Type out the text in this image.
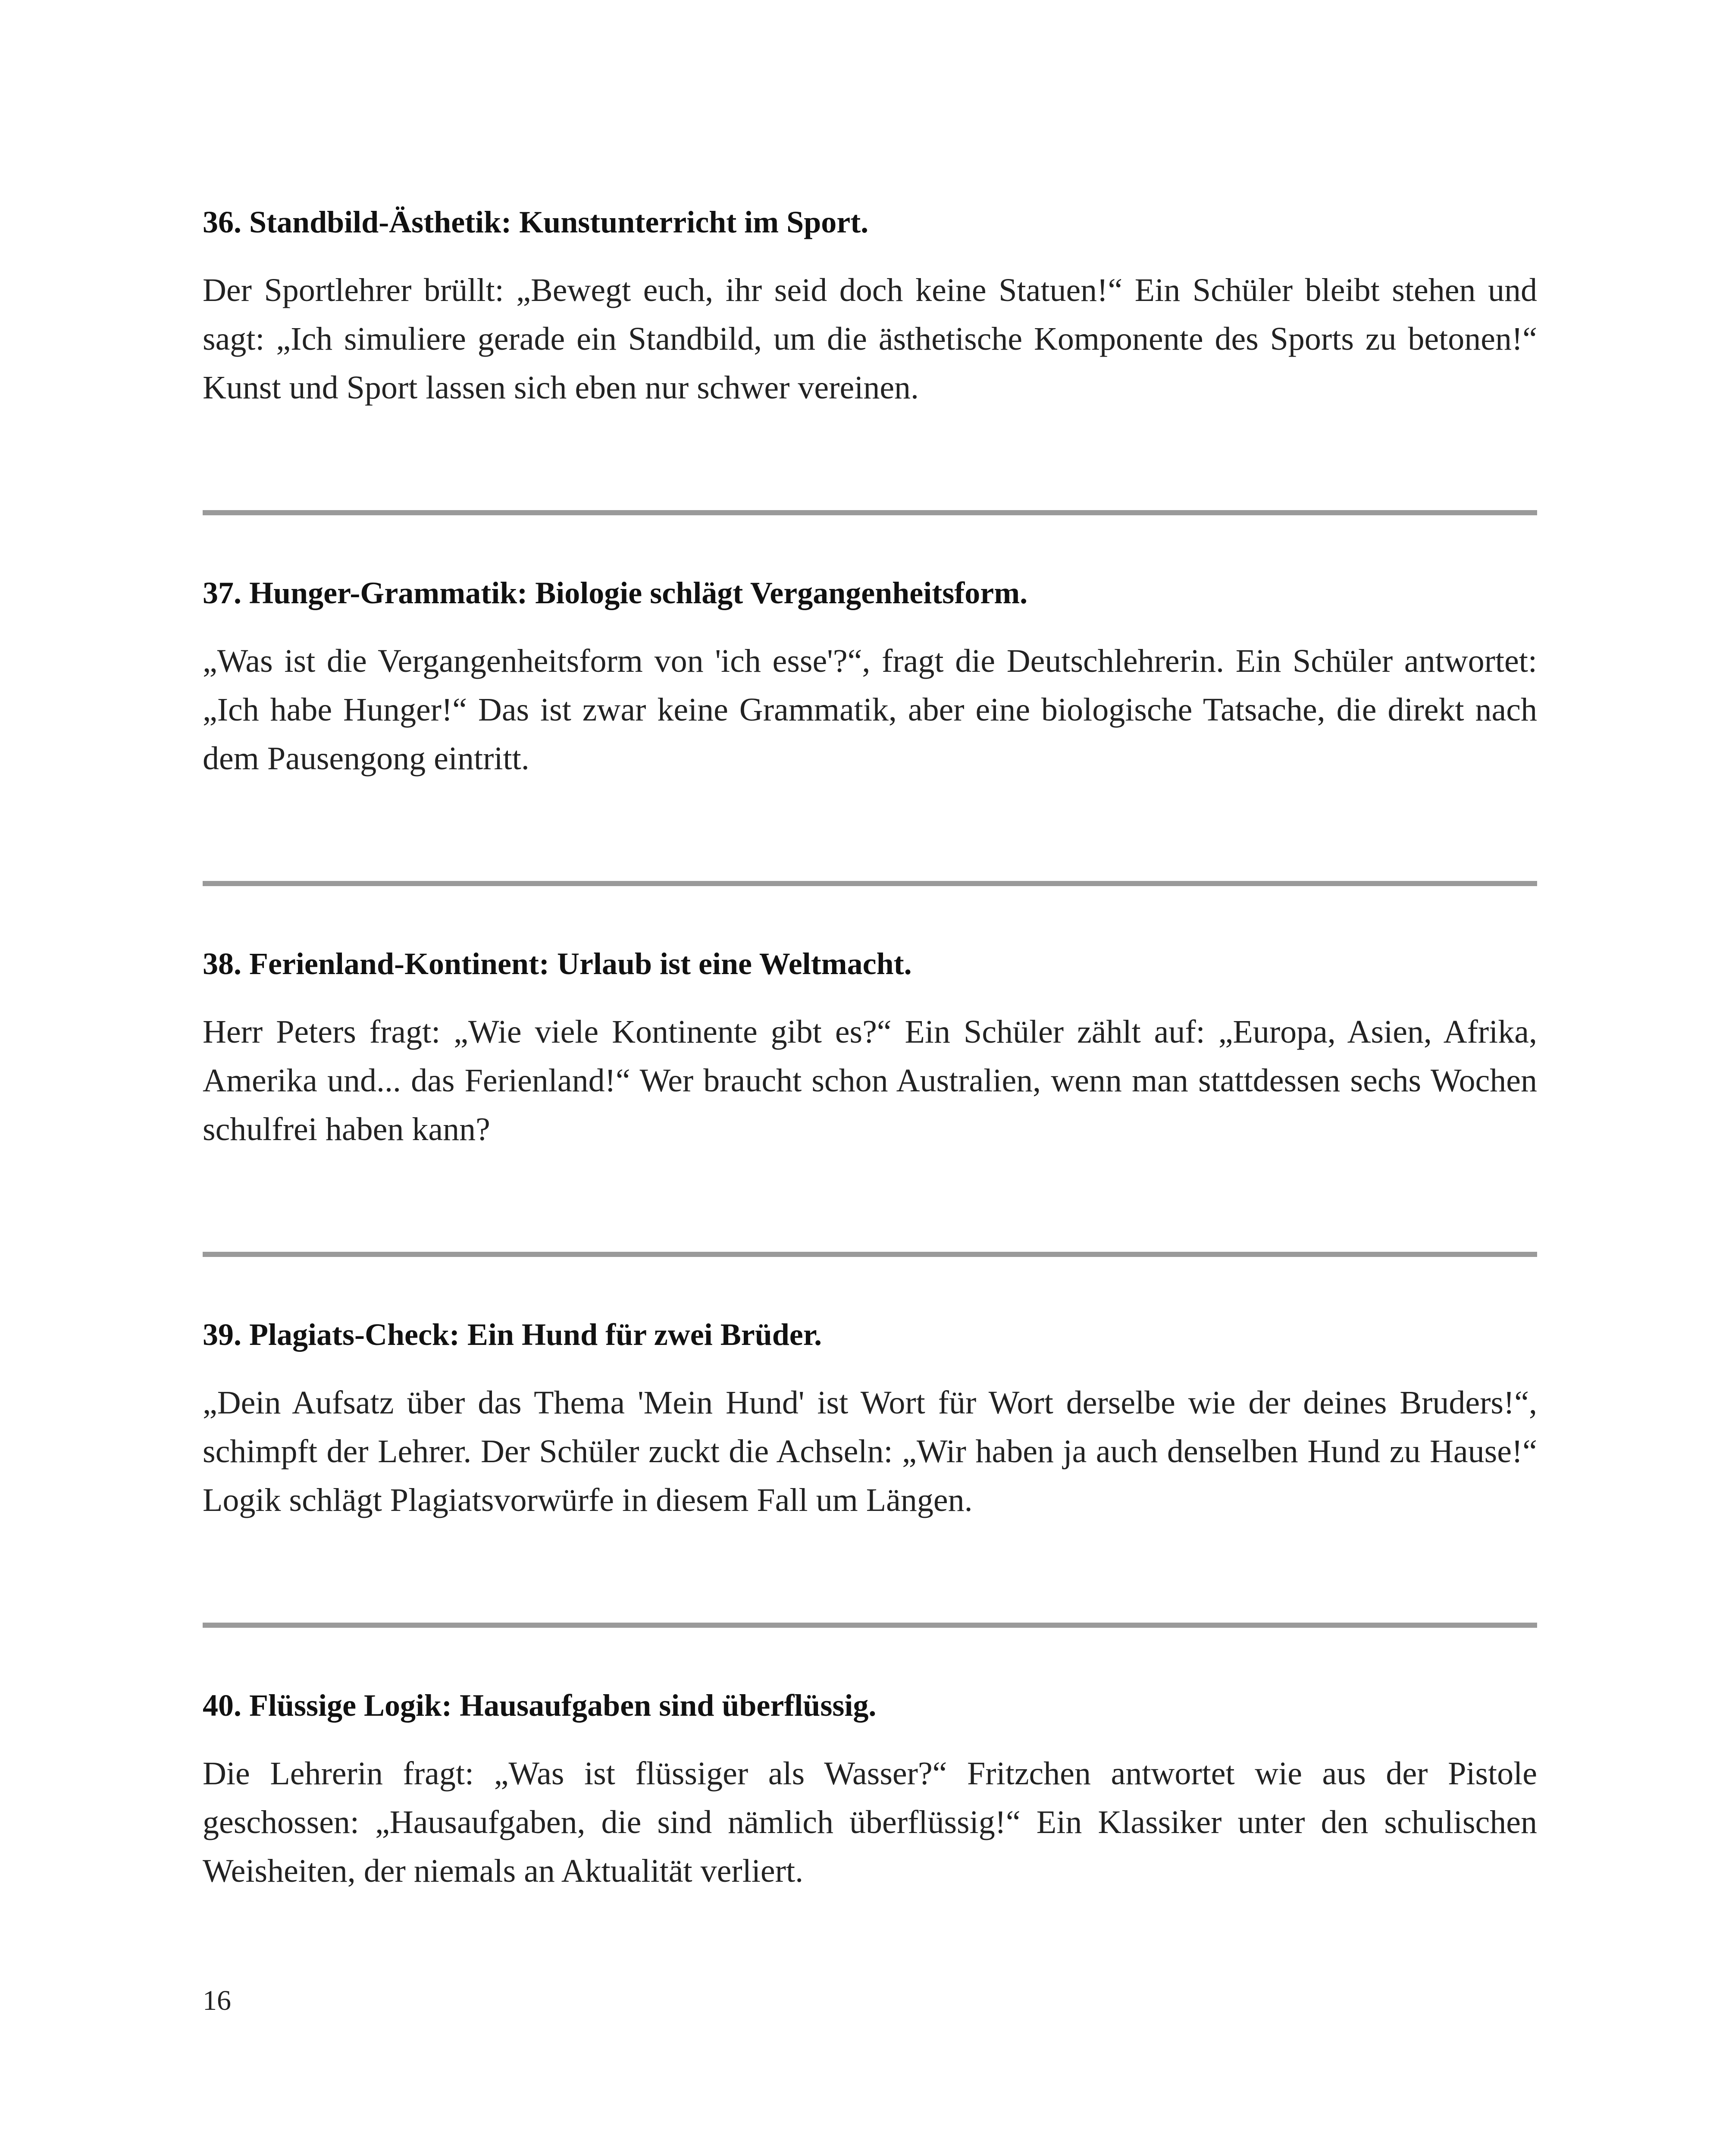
36. Standbild-Ästhetik: Kunstunterricht im Sport.

Der Sportlehrer brüllt: „Bewegt euch, ihr seid doch keine Statuen!“ Ein Schüler bleibt stehen und sagt: „Ich simuliere gerade ein Standbild, um die ästhetische Komponente des Sports zu betonen!“ Kunst und Sport lassen sich eben nur schwer vereinen.

37. Hunger-Grammatik: Biologie schlägt Vergangenheitsform.

„Was ist die Vergangenheitsform von 'ich esse'?“, fragt die Deutschlehrerin. Ein Schüler antwortet: „Ich habe Hunger!“ Das ist zwar keine Grammatik, aber eine biologische Tatsache, die direkt nach dem Pausengong eintritt.

38. Ferienland-Kontinent: Urlaub ist eine Weltmacht.

Herr Peters fragt: „Wie viele Kontinente gibt es?“ Ein Schüler zählt auf: „Europa, Asien, Afrika, Amerika und... das Ferienland!“ Wer braucht schon Australien, wenn man stattdessen sechs Wochen schulfrei haben kann?

39. Plagiats-Check: Ein Hund für zwei Brüder.

„Dein Aufsatz über das Thema 'Mein Hund' ist Wort für Wort derselbe wie der deines Bruders!“, schimpft der Lehrer. Der Schüler zuckt die Achseln: „Wir haben ja auch denselben Hund zu Hause!“ Logik schlägt Plagiatsvorwürfe in diesem Fall um Längen.

40. Flüssige Logik: Hausaufgaben sind überflüssig.

Die Lehrerin fragt: „Was ist flüssiger als Wasser?“ Fritzchen antwortet wie aus der Pistole geschossen: „Hausaufgaben, die sind nämlich überflüssig!“ Ein Klassiker unter den schulischen Weisheiten, der niemals an Aktualität verliert.

16
